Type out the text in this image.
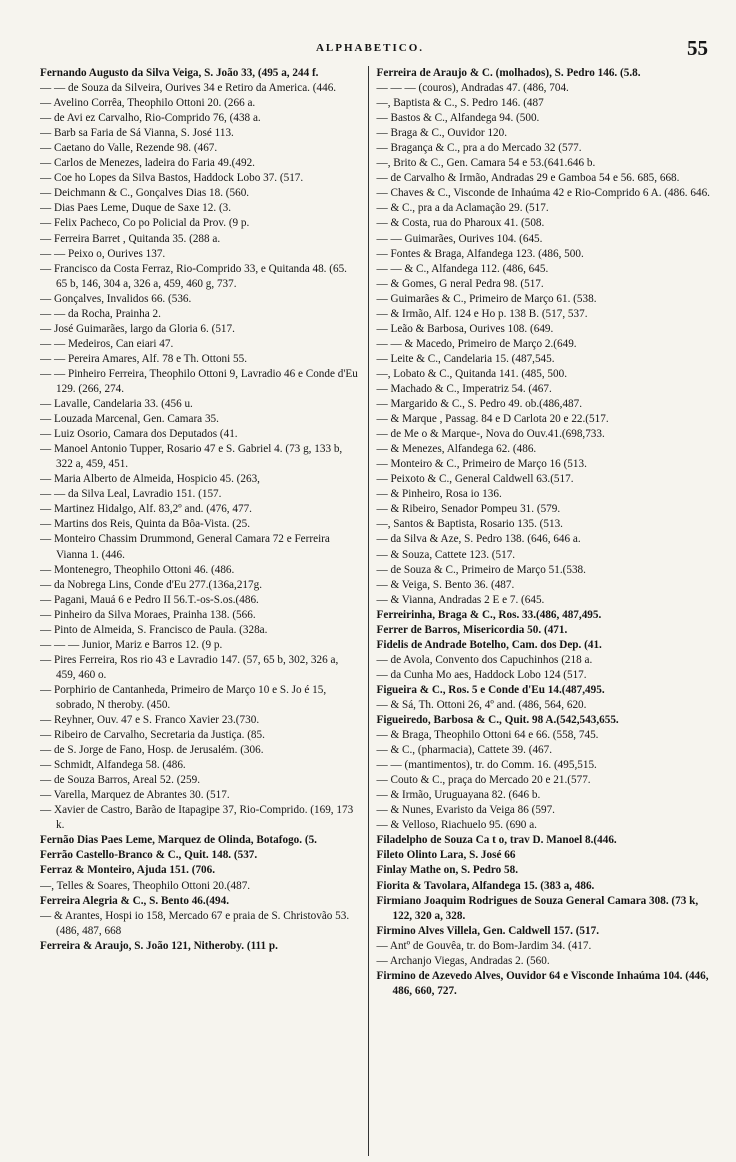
ALPHABETICO.	55

Fernando Augusto da Silva Veiga, S. João 33, (495 a, 244 f.

— — de Souza da Silveira, Ourives 34 e Retiro da America. (446.

— Avelino Corrêa, Theophilo Ottoni 20. (266 a.

— de Avi ez Carvalho, Rio-Comprido 76, (438 a.

— Barb sa Faria de Sá Vianna, S. José 113.

— Caetano do Valle, Rezende 98. (467.

— Carlos de Menezes, ladeira do Faria 49.(492.

— Coe ho Lopes da Silva Bastos, Haddock Lobo 37. (517.

— Deichmann & C., Gonçalves Dias 18. (560.

— Dias Paes Leme, Duque de Saxe 12. (3.

— Felix Pacheco, Co po Policial da Prov. (9 p.

— Ferreira Barret , Quitanda 35. (288 a.

— — Peixo o, Ourives 137.

— Francisco da Costa Ferraz, Rio-Comprido 33, e Quitanda 48. (65. 65 b, 146, 304 a, 326 a, 459, 460 g, 737.

— Gonçalves, Invalidos 66. (536.

— — da Rocha, Prainha 2.

— José Guimarães, largo da Gloria 6. (517.

— — Medeiros, Can eiari 47.

— — Pereira Amares, Alf. 78 e Th. Ottoni 55.

— — Pinheiro Ferreira, Theophilo Ottoni 9, Lavradio 46 e Conde d'Eu 129. (266, 274.

— Lavalle, Candelaria 33. (456 u.

— Louzada Marcenal, Gen. Camara 35.

— Luiz Osorio, Camara dos Deputados (41.

— Manoel Antonio Tupper, Rosario 47 e S. Gabriel 4. (73 g, 133 b, 322 a, 459, 451.

— Maria Alberto de Almeida, Hospicio 45. (263,

— — da Silva Leal, Lavradio 151. (157.

— Martinez Hidalgo, Alf. 83,2º and. (476, 477.

— Martins dos Reis, Quinta da Bôa-Vista. (25.

— Monteiro Chassim Drummond, General Camara 72 e Ferreira Vianna 1. (446.

— Montenegro, Theophilo Ottoni 46. (486.

— da Nobrega Lins, Conde d'Eu 277.(136a,217g.

— Pagani, Mauá 6 e Pedro II 56.T.-os-S.os.(486.

— Pinheiro da Silva Moraes, Prainha 138. (566.

— Pinto de Almeida, S. Francisco de Paula. (328a.

— — — Junior, Mariz e Barros 12. (9 p.

— Pires Ferreira, Ros rio 43 e Lavradio 147. (57, 65 b, 302, 326 a, 459, 460 o.

— Porphirio de Cantanheda, Primeiro de Março 10 e S. Jo é 15, sobrado, N theroby. (450.

— Reyhner, Ouv. 47 e S. Franco Xavier 23.(730.

— Ribeiro de Carvalho, Secretaria da Justiça. (85.

— de S. Jorge de Fano, Hosp. de Jerusalém. (306.

— Schmidt, Alfandega 58. (486.

— de Souza Barros, Areal 52. (259.

— Varella, Marquez de Abrantes 30. (517.

— Xavier de Castro, Barão de Itapagipe 37, Rio-Comprido. (169, 173 k.

Fernão Dias Paes Leme, Marquez de Olinda, Botafogo. (5.

Ferrão Castello-Branco & C., Quit. 148. (537.

Ferraz & Monteiro, Ajuda 151. (706.

—, Telles & Soares, Theophilo Ottoni 20.(487.

Ferreira Alegria & C., S. Bento 46.(494.

— & Arantes, Hospi io 158, Mercado 67 e praia de S. Christovão 53. (486, 487, 668

Ferreira & Araujo, S. João 121, Nitheroby. (111 p.

Ferreira de Araujo & C. (molhados), S. Pedro 146. (5.8.

— — — (couros), Andradas 47. (486, 704.

—, Baptista & C., S. Pedro 146. (487

— Bastos & C., Alfandega 94. (500.

— Braga & C., Ouvidor 120.

— Bragança & C., pra a do Mercado 32 (577.

—, Brito & C., Gen. Camara 54 e 53.(641.646 b.

— de Carvalho & Irmão, Andradas 29 e Gamboa 54 e 56. 685, 668.

— Chaves & C., Visconde de Inhaúma 42 e Rio-Comprido 6 A. (486. 646.

— & C., pra a da Aclamação 29. (517.

— & Costa, rua do Pharoux 41. (508.

— — Guimarães, Ourives 104. (645.

— Fontes & Braga, Alfandega 123. (486, 500.

— — & C., Alfandega 112. (486, 645.

— & Gomes, G neral Pedra 98. (517.

— Guimarães & C., Primeiro de Março 61. (538.

— & Irmão, Alf. 124 e Ho p. 138 B. (517, 537.

— Leão & Barbosa, Ourives 108. (649.

— — & Macedo, Primeiro de Março 2.(649.

— Leite & C., Candelaria 15. (487,545.

—, Lobato & C., Quitanda 141. (485, 500.

— Machado & C., Imperatriz 54. (467.

— Margarido & C., S. Pedro 49. ob.(486,487.

— & Marque , Passag. 84 e D Carlota 20 e 22.(517.

— de Me o & Marque-, Nova do Ouv.41.(698,733.

— & Menezes, Alfandega 62. (486.

— Monteiro & C., Primeiro de Março 16 (513.

— Peixoto & C., General Caldwell 63.(517.

— & Pinheiro, Rosa io 136.

— & Ribeiro, Senador Pompeu 31. (579.

—, Santos & Baptista, Rosario 135. (513.

— da Silva & Aze, S. Pedro 138. (646, 646 a.

— & Souza, Cattete 123. (517.

— de Souza & C., Primeiro de Março 51.(538.

— & Veiga, S. Bento 36. (487.

— & Vianna, Andradas 2 E e 7. (645.

Ferreirinha, Braga & C., Ros. 33.(486, 487,495.

Ferrer de Barros, Misericordia 50. (471.

Fidelis de Andrade Botelho, Cam. dos Dep. (41.

— de Avola, Convento dos Capuchinhos (218 a.

— da Cunha Mo aes, Haddock Lobo 124 (517.

Figueira & C., Ros. 5 e Conde d'Eu 14.(487,495.

— & Sá, Th. Ottoni 26, 4º and. (486, 564, 620.

Figueiredo, Barbosa & C., Quit. 98 A.(542,543,655.

— & Braga, Theophilo Ottoni 64 e 66. (558, 745.

— & C., (pharmacia), Cattete 39. (467.

— — (mantimentos), tr. do Comm. 16. (495,515.

— Couto & C., praça do Mercado 20 e 21.(577.

— & Irmão, Uruguayana 82. (646 b.

— & Nunes, Evaristo da Veiga 86 (597.

— & Velloso, Riachuelo 95. (690 a.

Filadelpho de Souza Ca t o, trav D. Manoel 8.(446.

Fileto Olinto Lara, S. José 66

Finlay Mathe on, S. Pedro 58.

Fiorita & Tavolara, Alfandega 15. (383 a, 486.

Firmiano Joaquim Rodrigues de Souza General Camara 308. (73 k, 122, 320 a, 328.

Firmino Alves Villela, Gen. Caldwell 157. (517.

— Antº de Gouvêa, tr. do Bom-Jardim 34. (417.

— Archanjo Viegas, Andradas 2. (560.

Firmino de Azevedo Alves, Ouvidor 64 e Visconde Inhaúma 104. (446, 486, 660, 727.
